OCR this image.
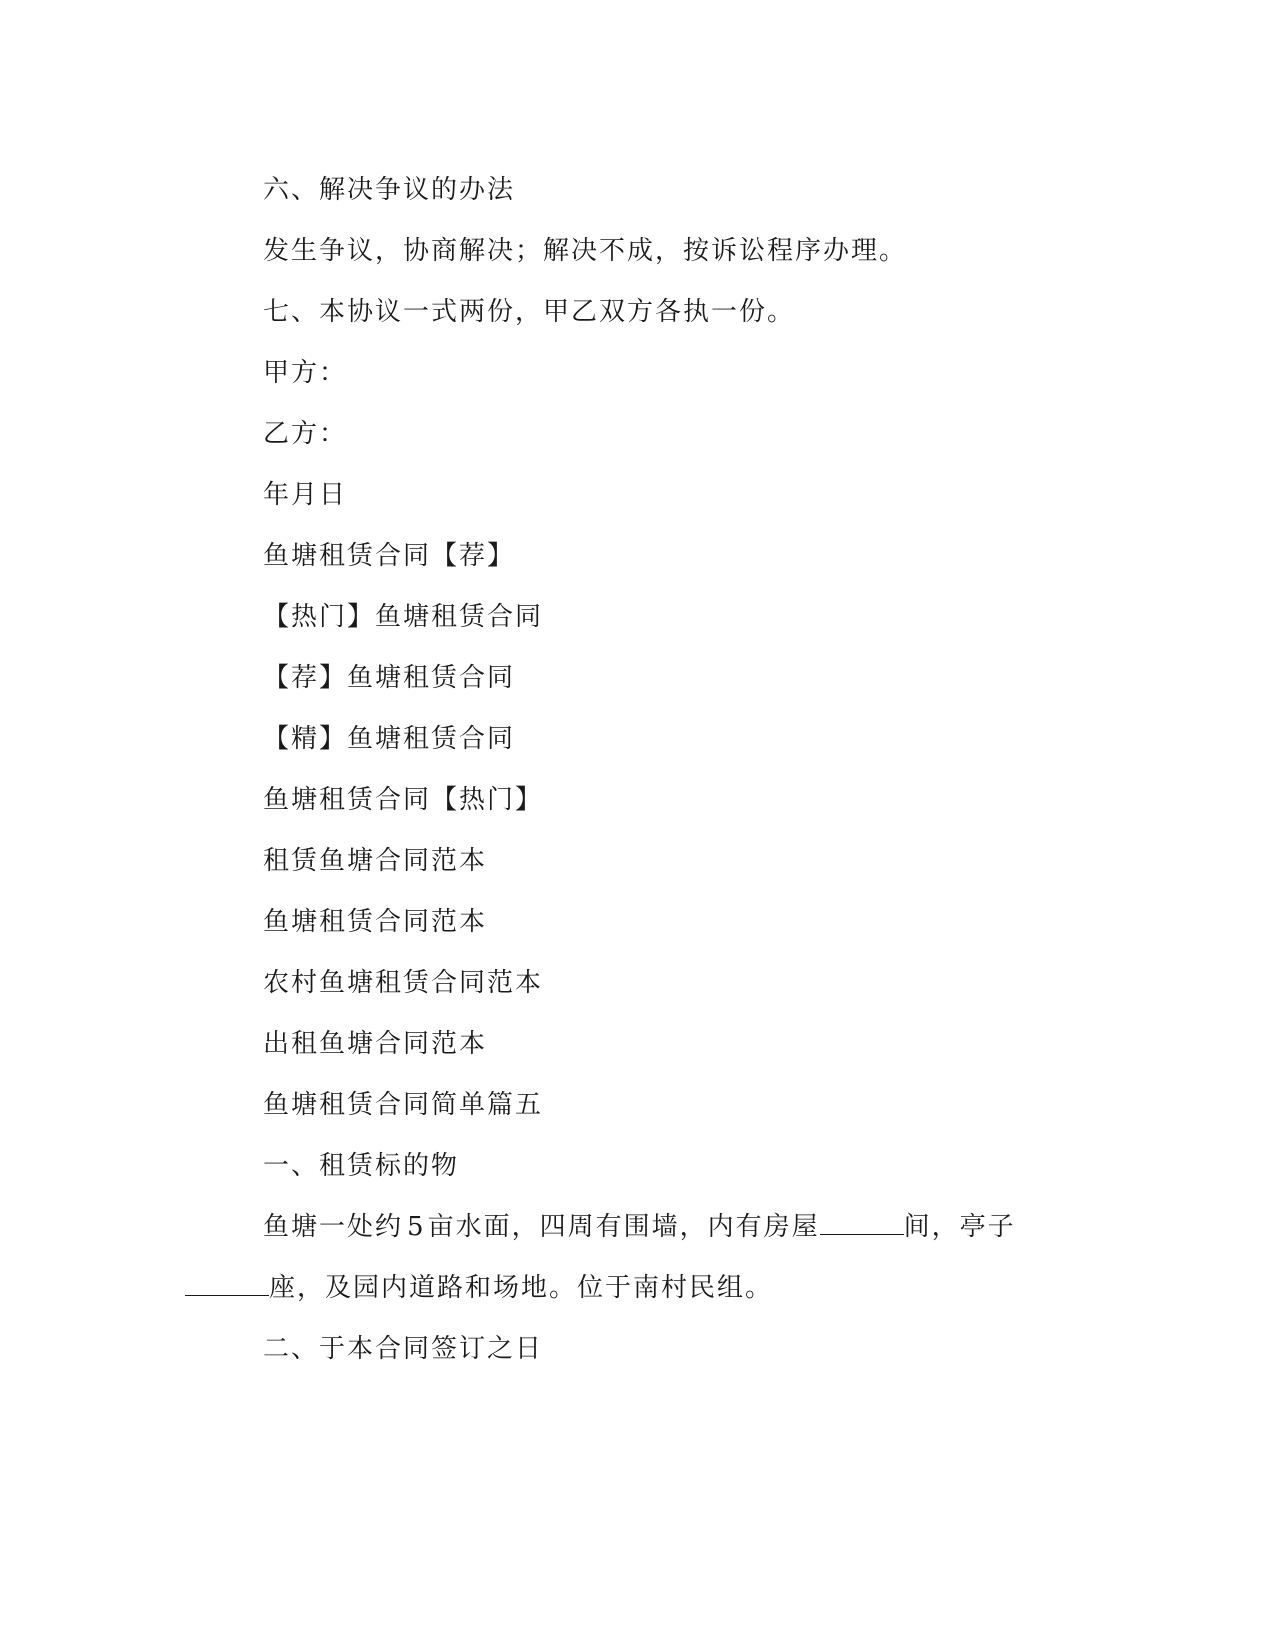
六、解决争议的办法
发生争议，协商解决；解决不成，按诉讼程序办理。
七、本协议一式两份，甲乙双方各执一份。
甲方：
乙方：
年月日
鱼塘租赁合同【荐】
【热门】鱼塘租赁合同
【荐】鱼塘租赁合同
【精】鱼塘租赁合同
鱼塘租赁合同【热门】
租赁鱼塘合同范本
鱼塘租赁合同范本
农村鱼塘租赁合同范本
出租鱼塘合同范本
鱼塘租赁合同简单篇五
一、租赁标的物
鱼塘一处约 5 亩水面，四周有围墙，内有房屋	间，亭子
座，及园内道路和场地。位于南村民组。
二、于本合同签订之日
